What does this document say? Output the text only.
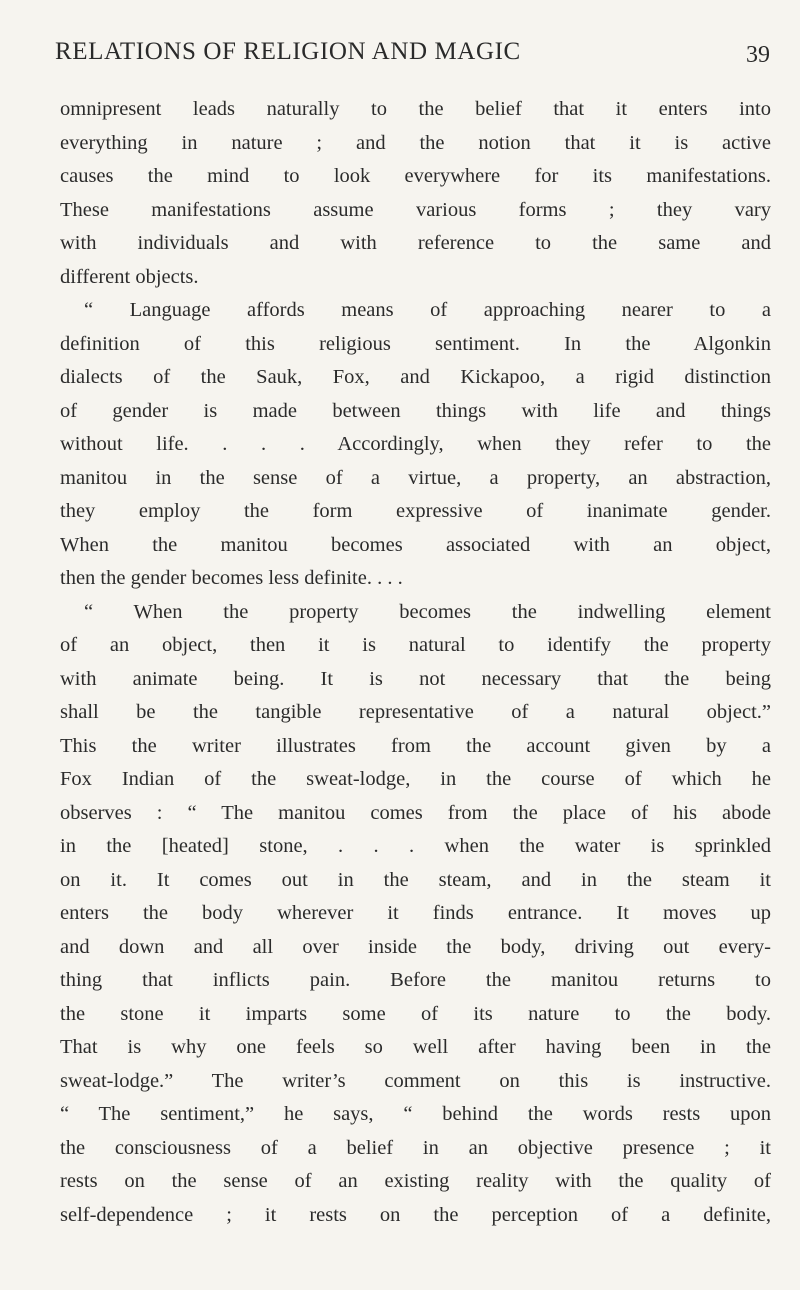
RELATIONS OF RELIGION AND MAGIC	39
omnipresent leads naturally to the belief that it enters into
everything in nature ; and the notion that it is active
causes the mind to look everywhere for its manifestations.
These manifestations assume various forms ; they vary
with individuals and with reference to the same and
different objects.
“ Language affords means of approaching nearer to a
definition of this religious sentiment. In the Algonkin
dialects of the Sauk, Fox, and Kickapoo, a rigid distinction
of gender is made between things with life and things
without life. . . . Accordingly, when they refer to the
manitou in the sense of a virtue, a property, an abstraction,
they employ the form expressive of inanimate gender.
When the manitou becomes associated with an object,
then the gender becomes less definite. . . .
“ When the property becomes the indwelling element
of an object, then it is natural to identify the property
with animate being. It is not necessary that the being
shall be the tangible representative of a natural object.”
This the writer illustrates from the account given by a
Fox Indian of the sweat-lodge, in the course of which he
observes : “ The manitou comes from the place of his abode
in the [heated] stone, . . . when the water is sprinkled
on it. It comes out in the steam, and in the steam it
enters the body wherever it finds entrance. It moves up
and down and all over inside the body, driving out every-
thing that inflicts pain. Before the manitou returns to
the stone it imparts some of its nature to the body.
That is why one feels so well after having been in the
sweat-lodge.” The writer’s comment on this is instructive.
“ The sentiment,” he says, “ behind the words rests upon
the consciousness of a belief in an objective presence ; it
rests on the sense of an existing reality with the quality of
self-dependence ; it rests on the perception of a definite,
